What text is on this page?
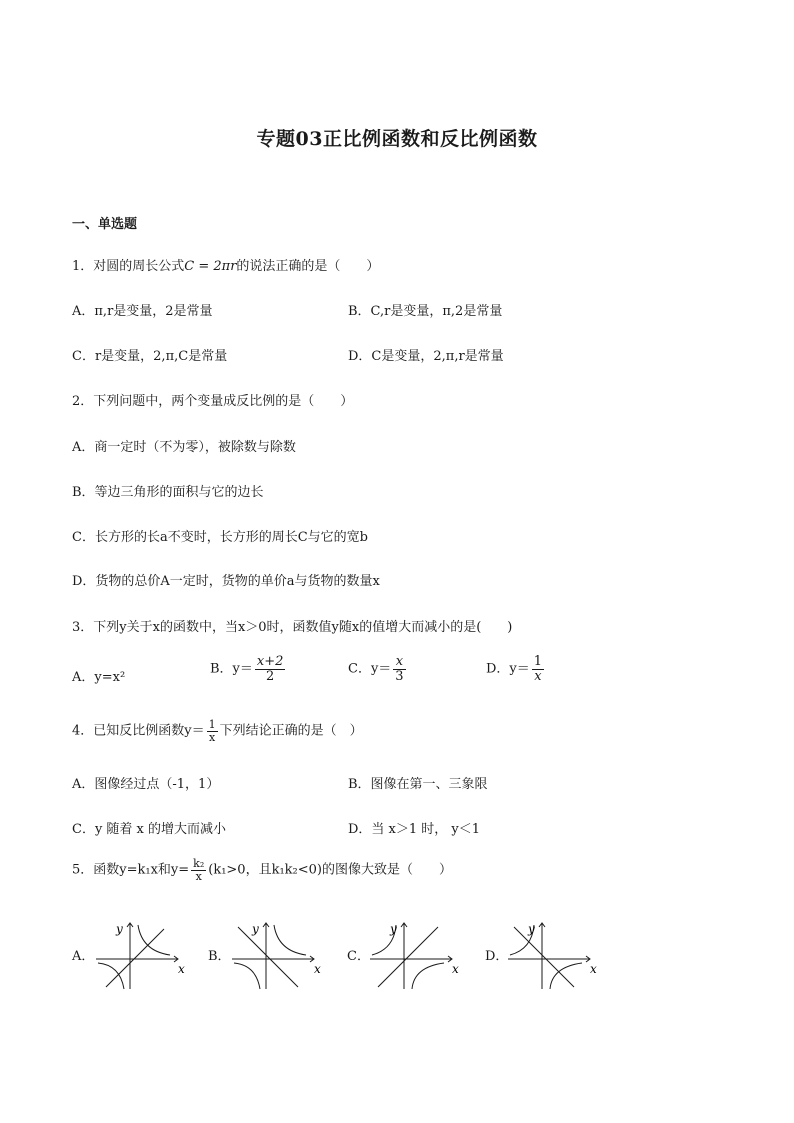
专题03正比例函数和反比例函数
一、单选题
1．对圆的周长公式C = 2πr的说法正确的是（　　）
A．π,r是变量，2是常量	B．C,r是变量，π,2是常量
C．r是变量，2,π,C是常量	D．C是变量，2,π,r是常量
2．下列问题中，两个变量成反比例的是（　　）
A．商一定时（不为零），被除数与除数
B．等边三角形的面积与它的边长
C．长方形的长a不变时，长方形的周长C与它的宽b
D．货物的总价A一定时，货物的单价a与货物的数量x
3．下列y关于x的函数中，当x＞0时，函数值y随x的值增大而减小的是(　　)
A．y=x²
B．$y= \frac{x+2}{2}$	C．$y= \frac{x}{3}$	D．$y= \frac{1}{x}$
4．已知反比例函数$y= \frac{1}{x}$ 下列结论正确的是（　）
A．图像经过点（-1，1）	B．图像在第一、三象限
C．y 随着 x 的增大而减小	D．当 x＞1 时， y＜1
5．函数y=k₁x和$y= \frac{\text{k₂}}{x} (k_1>0$，且k₁k₂<0)的图像大致是（　　）
A．	B．	C．	D．
y
x
y
x
y
x
y
x
